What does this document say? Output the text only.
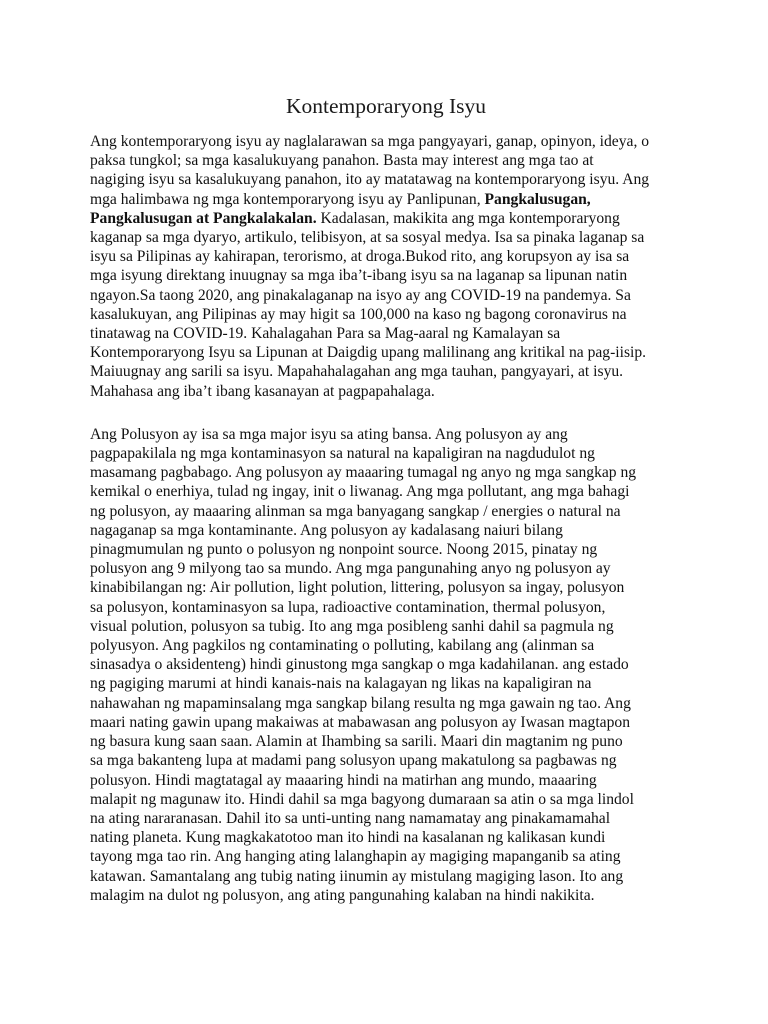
Kontemporaryong Isyu

Ang kontemporaryong isyu ay naglalarawan sa mga pangyayari, ganap, opinyon, ideya, o
paksa tungkol; sa mga kasalukuyang panahon. Basta may interest ang mga tao at
nagiging isyu sa kasalukuyang panahon, ito ay matatawag na kontemporaryong isyu. Ang
mga halimbawa ng mga kontemporaryong isyu ay Panlipunan, Pangkalusugan,
Pangkalusugan at Pangkalakalan. Kadalasan, makikita ang mga kontemporaryong
kaganap sa mga dyaryo, artikulo, telibisyon, at sa sosyal medya. Isa sa pinaka laganap sa
isyu sa Pilipinas ay kahirapan, terorismo, at droga.Bukod rito, ang korupsyon ay isa sa
mga isyung direktang inuugnay sa mga iba’t-ibang isyu sa na laganap sa lipunan natin
ngayon.Sa taong 2020, ang pinakalaganap na isyo ay ang COVID-19 na pandemya. Sa
kasalukuyan, ang Pilipinas ay may higit sa 100,000 na kaso ng bagong coronavirus na
tinatawag na COVID-19. Kahalagahan Para sa Mag-aaral ng Kamalayan sa
Kontemporaryong Isyu sa Lipunan at Daigdig upang malilinang ang kritikal na pag-iisip.
Maiuugnay ang sarili sa isyu. Mapahahalagahan ang mga tauhan, pangyayari, at isyu.
Mahahasa ang iba’t ibang kasanayan at pagpapahalaga.

Ang Polusyon ay isa sa mga major isyu sa ating bansa. Ang polusyon ay ang
pagpapakilala ng mga kontaminasyon sa natural na kapaligiran na nagdudulot ng
masamang pagbabago. Ang polusyon ay maaaring tumagal ng anyo ng mga sangkap ng
kemikal o enerhiya, tulad ng ingay, init o liwanag. Ang mga pollutant, ang mga bahagi
ng polusyon, ay maaaring alinman sa mga banyagang sangkap / energies o natural na
nagaganap sa mga kontaminante. Ang polusyon ay kadalasang naiuri bilang
pinagmumulan ng punto o polusyon ng nonpoint source. Noong 2015, pinatay ng
polusyon ang 9 milyong tao sa mundo. Ang mga pangunahing anyo ng polusyon ay
kinabibilangan ng: Air pollution, light polution, littering, polusyon sa ingay, polusyon
sa polusyon, kontaminasyon sa lupa, radioactive contamination, thermal polusyon,
visual polution, polusyon sa tubig. Ito ang mga posibleng sanhi dahil sa pagmula ng
polyusyon. Ang pagkilos ng contaminating o polluting, kabilang ang (alinman sa
sinasadya o aksidenteng) hindi ginustong mga sangkap o mga kadahilanan. ang estado
ng pagiging marumi at hindi kanais-nais na kalagayan ng likas na kapaligiran na
nahawahan ng mapaminsalang mga sangkap bilang resulta ng mga gawain ng tao. Ang
maari nating gawin upang makaiwas at mabawasan ang polusyon ay Iwasan magtapon
ng basura kung saan saan. Alamin at Ihambing sa sarili. Maari din magtanim ng puno
sa mga bakanteng lupa at madami pang solusyon upang makatulong sa pagbawas ng
polusyon. Hindi magtatagal ay maaaring hindi na matirhan ang mundo, maaaring
malapit ng magunaw ito. Hindi dahil sa mga bagyong dumaraan sa atin o sa mga lindol
na ating nararanasan. Dahil ito sa unti-unting nang namamatay ang pinakamamahal
nating planeta. Kung magkakatotoo man ito hindi na kasalanan ng kalikasan kundi
tayong mga tao rin. Ang hanging ating lalanghapin ay magiging mapanganib sa ating
katawan. Samantalang ang tubig nating iinumin ay mistulang magiging lason. Ito ang
malagim na dulot ng polusyon, ang ating pangunahing kalaban na hindi nakikita.
